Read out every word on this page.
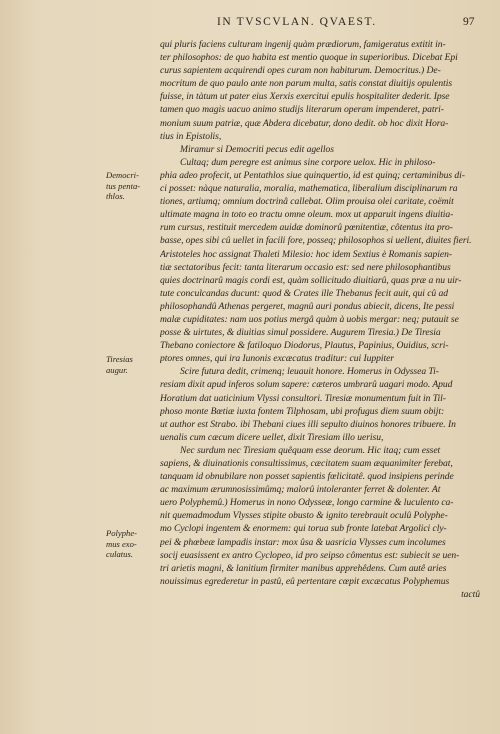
IN TVSCVLAN. QVAEST.	97
Democri-
tus penta-
thlos.
Tiresias
augur.
Polyphe-
mus exo-
culatus.
qui pluris faciens culturam ingenij quàm prædiorum, famigeratus extitit in-
ter philosophos: de quo habita est mentio quoque in superioribus. Dicebat Epi
curus sapientem acquirendi opes curam non habiturum. Democritus.) De-
mocritum de quo paulo ante non parum multa, satis constat diuitijs opulentis
fuisse, in tàtum ut pater eius Xerxis exercitui epulis hospitaliter dederit. Ipse
tamen quo magis uacuo animo studijs literarum operam impenderet, patri-
monium suum patriæ, quæ Abdera dicebatur, dono dedit. ob hoc dixit Hora-
tius in Epistolis,
Miramur si Democriti pecus edit agellos
Cultaq; dum peregre est animus sine corpore uelox. Hic in philoso-
phia adeo profecit, ut Pentathlos siue quinquertio, id est quinq; certaminibus di-
ci posset: nàque naturalia, moralia, mathematica, liberalium disciplinarum ra
tiones, artiumq; omnium doctrinâ callebat. Olim prouisa olei caritate, coëmit
ultimate magna in toto eo tractu omne oleum. mox ut apparuit ingens diuitia-
rum cursus, restituit mercedem auidæ dominorû pœnitentiæ, côtentus ita pro-
basse, opes sibi cû uellet in facili fore, posseq; philosophos si uellent, diuites fieri.
Aristoteles hoc assignat Thaleti Milesio: hoc idem Sextius è Romanis sapien-
tiæ sectatoribus fecit: tanta literarum occasio est: sed nere philosophantibus
quies doctrinarû magis cordi est, quàm sollicitudo diuitiarû, quas præ a nu uir-
tute conculcandas ducunt: quod & Crates ille Thebanus fecit auit, qui cû ad
philosophandû Athenas pergeret, magnû auri pondus abiecit, dicens, Ite pessi
malæ cupiditates: nam uos potius mergâ quàm à uobis mergar: neq; putauit se
posse & uirtutes, & diuitias simul possidere. Augurem Tiresia.) De Tiresia
Thebano coniectore & fatiloquo Diodorus, Plautus, Papinius, Ouidius, scri-
ptores omnes, qui ira Iunonis excæcatus traditur: cui Iuppiter
Scire futura dedit, crimenq; leuauit honore. Homerus in Odyssea Ti-
resiam dixit apud inferos solum sapere: cæteros umbrarû uagari modo. Apud
Horatium dat uaticinium Vlyssi consultori. Tiresiæ monumentum fuit in Til-
phoso monte Bœtiæ iuxta fontem Tilphosam, ubi profugus diem suum obijt:
ut author est Strabo. ibi Thebani ciues illi sepulto diuinos honores tribuere. In
uenalis cum cæcum dicere uellet, dixit Tiresiam illo uerisu,
Nec surdum nec Tiresiam quêquam esse deorum. Hic itaq; cum esset
sapiens, & diuinationis consultissimus, cæcitatem suam æquanimiter ferebat,
tanquam id obnubilare non posset sapientis fœlicitatê. quod insipiens perinde
ac maximum ærumnosissimûmq; malorû intoleranter ferret & dolenter. At
uero Polyphemû.) Homerus in nono Odysseæ, longo carmine & luculento ca-
nit quemadmodum Vlysses stipite obusto & ignito terebrauit oculû Polyphe-
mo Cyclopi ingentem & enormem: qui torua sub fronte latebat Argolici cly-
pei & phœbeæ lampadis instar: mox ûsa & uasricia Vlysses cum incolumes
socij euasissent ex antro Cyclopeo, id pro seipso cômentus est: subiecit se uen-
tri arietis magni, & lanitium firmiter manibus apprehêdens. Cum autê aries
nouissimus egrederetur in pastû, eû pertentare cœpit excæcatus Polyphemus
tactû
